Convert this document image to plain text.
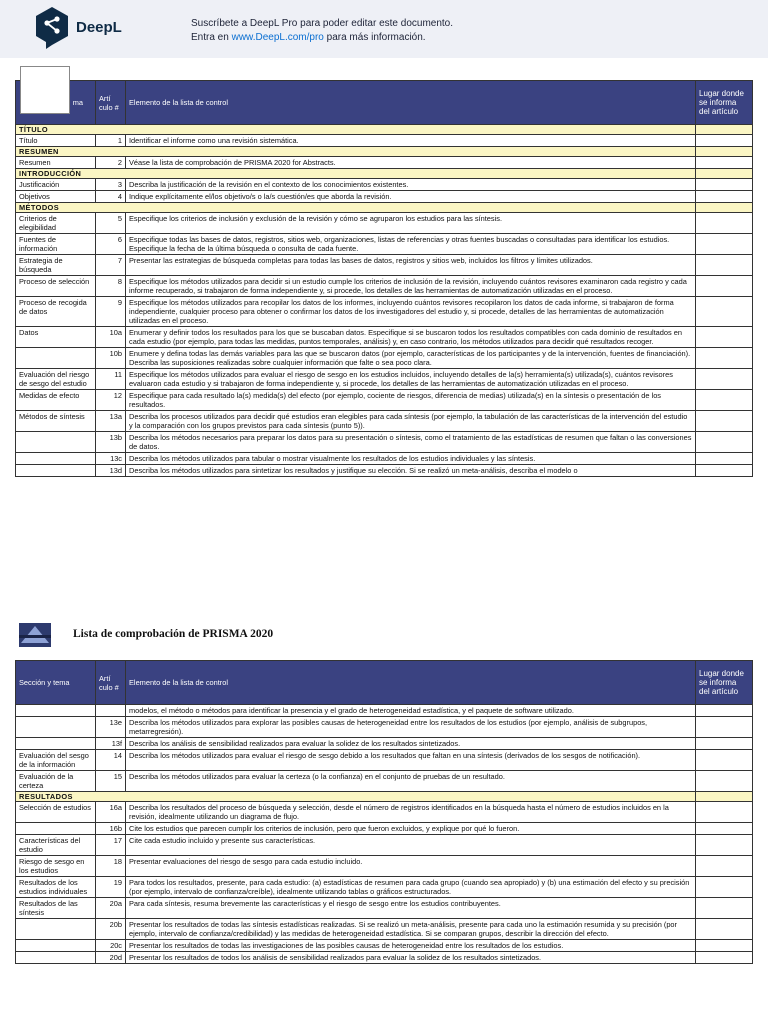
DeepL	Suscríbete a DeepL Pro para poder editar este documento.
Entra en www.DeepL.com/pro para más información.
ma	Artí culo #	Elemento de la lista de control	Lugar donde se informa del artículo
TÍTULO			
Título	1	Identificar el informe como una revisión sistemática.	
RESUMEN			
Resumen	2	Véase la lista de comprobación de PRISMA 2020 for Abstracts.	
INTRODUCCIÓN			
Justificación	3	Describa la justificación de la revisión en el contexto de los conocimientos existentes.	
Objetivos	4	Indique explícitamente el/los objetivo/s o la/s cuestión/es que aborda la revisión.	
MÉTODOS			
Criterios de elegibilidad	5	Especifique los criterios de inclusión y exclusión de la revisión y cómo se agruparon los estudios para las síntesis.	
Fuentes de información	6	Especifique todas las bases de datos, registros, sitios web, organizaciones, listas de referencias y otras fuentes buscadas o consultadas para identificar los estudios. Especifique la fecha de la última búsqueda o consulta de cada fuente.	
Estrategia de búsqueda	7	Presentar las estrategias de búsqueda completas para todas las bases de datos, registros y sitios web, incluidos los filtros y límites utilizados.	
Proceso de selección	8	Especifique los métodos utilizados para decidir si un estudio cumple los criterios de inclusión de la revisión, incluyendo cuántos revisores examinaron cada registro y cada informe recuperado, si trabajaron de forma independiente y, si procede, los detalles de las herramientas de automatización utilizadas en el proceso.	
Proceso de recogida de datos	9	Especifique los métodos utilizados para recopilar los datos de los informes, incluyendo cuántos revisores recopilaron los datos de cada informe, si trabajaron de forma independiente, cualquier proceso para obtener o confirmar los datos de los investigadores del estudio y, si procede, detalles de las herramientas de automatización utilizadas en el proceso.	
Datos	10a	Enumerar y definir todos los resultados para los que se buscaban datos. Especifique si se buscaron todos los resultados compatibles con cada dominio de resultados en cada estudio (por ejemplo, para todas las medidas, puntos temporales, análisis) y, en caso contrario, los métodos utilizados para decidir qué resultados recoger.	
	10b	Enumere y defina todas las demás variables para las que se buscaron datos (por ejemplo, características de los participantes y de la intervención, fuentes de financiación). Describa las suposiciones realizadas sobre cualquier información que falte o sea poco clara.	
Evaluación del riesgo de sesgo del estudio	11	Especifique los métodos utilizados para evaluar el riesgo de sesgo en los estudios incluidos, incluyendo detalles de la(s) herramienta(s) utilizada(s), cuántos revisores evaluaron cada estudio y si trabajaron de forma independiente y, si procede, los detalles de las herramientas de automatización utilizadas en el proceso.	
Medidas de efecto	12	Especifique para cada resultado la(s) medida(s) del efecto (por ejemplo, cociente de riesgos, diferencia de medias) utilizada(s) en la síntesis o presentación de los resultados.	
Métodos de síntesis	13a	Describa los procesos utilizados para decidir qué estudios eran elegibles para cada síntesis (por ejemplo, la tabulación de las características de la intervención del estudio y la comparación con los grupos previstos para cada síntesis (punto 5)).	
	13b	Describa los métodos necesarios para preparar los datos para su presentación o síntesis, como el tratamiento de las estadísticas de resumen que faltan o las conversiones de datos.	
	13c	Describa los métodos utilizados para tabular o mostrar visualmente los resultados de los estudios individuales y las síntesis.	
	13d	Describa los métodos utilizados para sintetizar los resultados y justifique su elección. Si se realizó un meta-análisis, describa el modelo o	
Lista de comprobación de PRISMA 2020
Sección y tema	Artí culo #	Elemento de la lista de control	Lugar donde se informa del artículo
		modelos, el método o métodos para identificar la presencia y el grado de heterogeneidad estadística, y el paquete de software utilizado.	
	13e	Describa los métodos utilizados para explorar las posibles causas de heterogeneidad entre los resultados de los estudios (por ejemplo, análisis de subgrupos, metarregresión).	
	13f	Describa los análisis de sensibilidad realizados para evaluar la solidez de los resultados sintetizados.	
Evaluación del sesgo de la información	14	Describa los métodos utilizados para evaluar el riesgo de sesgo debido a los resultados que faltan en una síntesis (derivados de los sesgos de notificación).	
Evaluación de la certeza	15	Describa los métodos utilizados para evaluar la certeza (o la confianza) en el conjunto de pruebas de un resultado.	
RESULTADOS			
Selección de estudios	16a	Describa los resultados del proceso de búsqueda y selección, desde el número de registros identificados en la búsqueda hasta el número de estudios incluidos en la revisión, idealmente utilizando un diagrama de flujo.	
	16b	Cite los estudios que parecen cumplir los criterios de inclusión, pero que fueron excluidos, y explique por qué lo fueron.	
Características del estudio	17	Cite cada estudio incluido y presente sus características.	
Riesgo de sesgo en los estudios	18	Presentar evaluaciones del riesgo de sesgo para cada estudio incluido.	
Resultados de los estudios individuales	19	Para todos los resultados, presente, para cada estudio: (a) estadísticas de resumen para cada grupo (cuando sea apropiado) y (b) una estimación del efecto y su precisión (por ejemplo, intervalo de confianza/creíble), idealmente utilizando tablas o gráficos estructurados.	
Resultados de las síntesis	20a	Para cada síntesis, resuma brevemente las características y el riesgo de sesgo entre los estudios contribuyentes.	
	20b	Presentar los resultados de todas las síntesis estadísticas realizadas. Si se realizó un meta-análisis, presente para cada uno la estimación resumida y su precisión (por ejemplo, intervalo de confianza/credibilidad) y las medidas de heterogeneidad estadística. Si se comparan grupos, describir la dirección del efecto.	
	20c	Presentar los resultados de todas las investigaciones de las posibles causas de heterogeneidad entre los resultados de los estudios.	
	20d	Presentar los resultados de todos los análisis de sensibilidad realizados para evaluar la solidez de los resultados sintetizados.	
